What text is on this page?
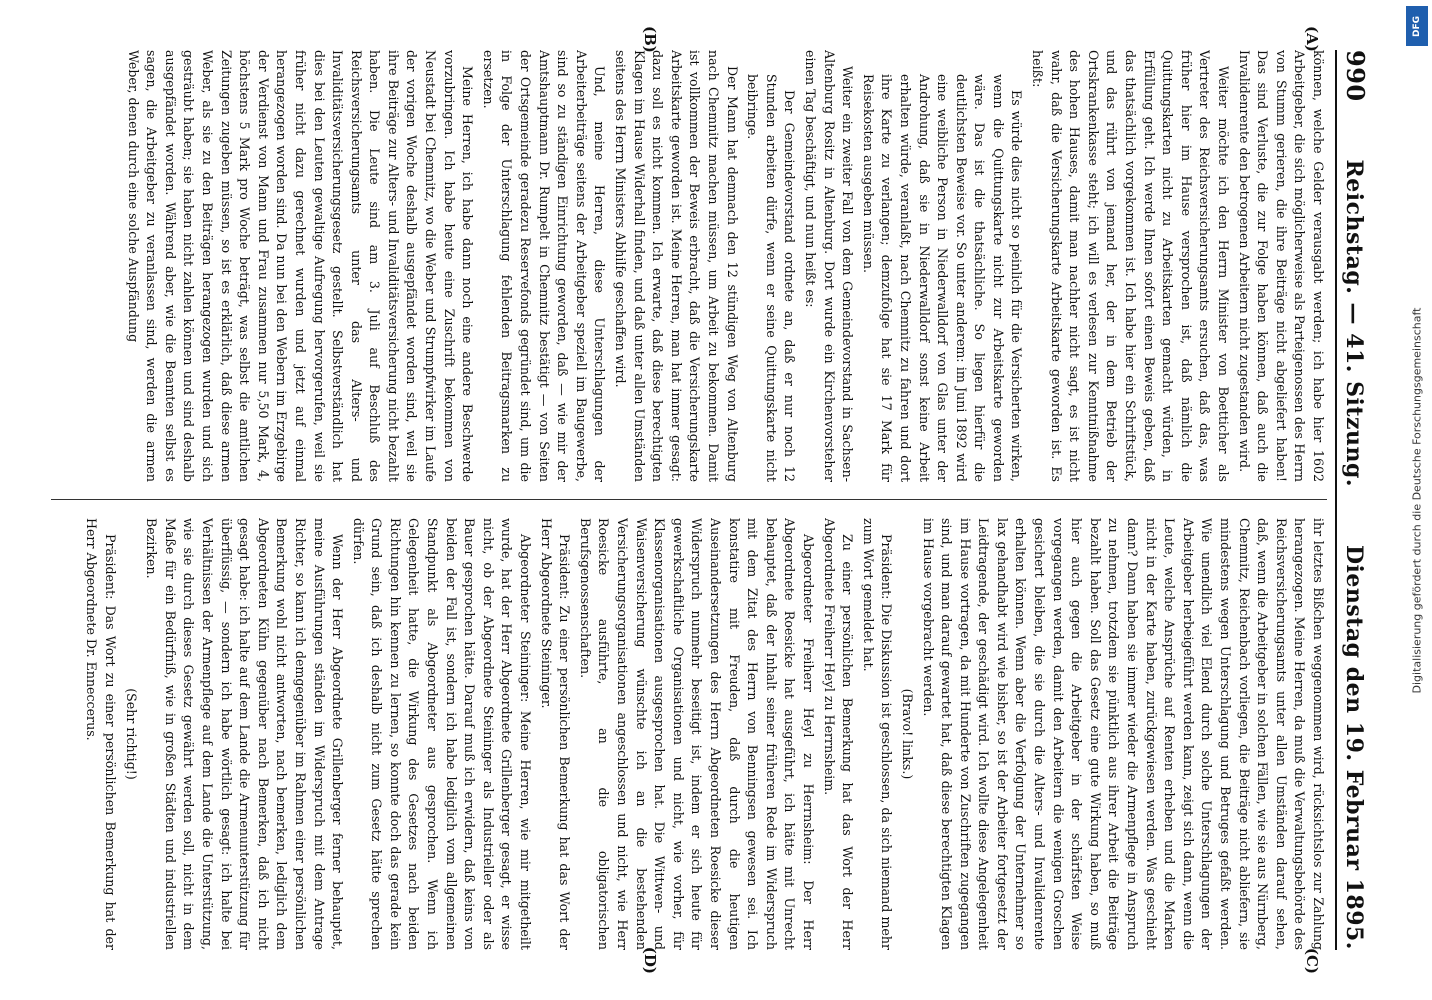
990
Reichstag. — 41. Sitzung.
Dienstag den 19. Februar 1895.
(A)
(B)
(C)
(D)

können, welche Gelder verausgabt werden; ich habe hier 1602 Arbeitgeber, die sich möglicherweise als Parteigenossen des Herrn von Stumm gerieren, die ihre Beiträge nicht abgeliefert haben! Das sind Verluste, die zur Folge haben können, daß auch die Invalidenrente den betrogenen Arbeitern nicht zugestanden wird.

Weiter möchte ich den Herrn Minister von Boetticher als Vertreter des Reichsversicherungsamts ersuchen, daß das, was früher hier im Hause versprochen ist, daß nämlich die Quittungskarten nicht zu Arbeitskarten gemacht würden, in Erfüllung geht. Ich werde Ihnen sofort einen Beweis geben, daß das thatsächlich vorgekommen ist. Ich habe hier ein Schriftstück, und das rührt von jemand her, der in dem Betrieb der Ortskrankenkasse steht; ich will es verlesen zur Kenntnißnahme des hohen Hauses, damit man nachher nicht sagt, es ist nicht wahr, daß die Versicherungskarte Arbeitskarte geworden ist. Es heißt:

Es würde dies nicht so peinlich für die Versicherten wirken, wenn die Quittungskarte nicht zur Arbeitskarte geworden wäre. Das ist die thatsächliche. So liegen hierfür die deutlichsten Beweise vor. So unter anderem: im Juni 1892 wird eine weibliche Person in Niederwalldorf von Glas unter der Androhung, daß sie in Niederwalldorf sonst keine Arbeit erhalten würde, veranlaßt, nach Chemnitz zu fahren und dort ihre Karte zu verlangen; demzufolge hat sie 17 Mark für Reisekosten ausgeben müssen.

Weiter ein zweiter Fall von dem Gemeindevorstand in Sachsen-Altenburg Rositz in Altenburg. Dort wurde ein Kirchenvorsteher einen Tag beschäftigt, und nun heißt es:

Der Gemeindevorstand ordnete an, daß er nur noch 12 Stunden arbeiten dürfe, wenn er seine Quittungskarte nicht beibringe.

Der Mann hat demnach den 12 stündigen Weg von Altenburg nach Chemnitz machen müssen, um Arbeit zu bekommen. Damit ist vollkommen der Beweis erbracht, daß die Versicherungskarte Arbeitskarte geworden ist. Meine Herren, man hat immer gesagt: dazu soll es nicht kommen. Ich erwarte, daß diese berechtigten Klagen im Hause Widerhall finden, und daß unter allen Umständen seitens des Herrn Ministers Abhilfe geschaffen wird.

Und, meine Herren, diese Unterschlagungen der Arbeiterbeiträge seitens der Arbeitgeber speziell im Baugewerbe, sind so zu ständigen Einrichtung geworden, daß — wie mir der Amtshauptmann Dr. Rumpelt in Chemnitz bestätigt — von Seiten der Ortsgemeinde geradezu Reservefonds gegründet sind, um die in Folge der Unterschlagung fehlenden Beitragsmarken zu ersetzen.

Meine Herren, ich habe dann noch eine andere Beschwerde vorzubringen. Ich habe heute eine Zuschrift bekommen von Neustadt bei Chemnitz, wo die Weber und Strumpfwirker im Laufe der vorigen Woche deshalb ausgepfändet worden sind, weil sie ihre Beiträge zur Alters- und Invaliditätsversicherung nicht bezahlt haben. Die Leute sind am 3. Juli auf Beschluß des Reichsversicherungsamts unter das Alters- und Invaliditätsversicherungsgesetz gestellt. Selbstverständlich hat dies bei den Leuten gewaltige Aufregung hervorgerufen, weil sie früher nicht dazu gerechnet wurden und jetzt auf einmal herangezogen worden sind. Da nun bei den Webern im Erzgebirge der Verdienst von Mann und Frau zusammen nur 5,50 Mark, 4, höchstens 5 Mark pro Woche beträgt, was selbst die amtlichen Zeitungen zugeben müssen, so ist es erklärlich, daß diese armen Weber, als sie zu den Beiträgen herangezogen wurden und sich gesträubt haben; sie haben nicht zahlen können und sind deshalb ausgepfändet worden. Während aber, wie die Beamten selbst es sagen, die Arbeitgeber zu veranlassen sind, werden die armen Weber, denen durch eine solche Auspfändung

ihr letztes Bißchen weggenommen wird, rücksichtslos zur Zahlung herangezogen. Meine Herren, da muß die Verwaltungsbehörde des Reichsversicherungsamts unter allen Umständen darauf sehen, daß, wenn die Arbeitgeber in solchen Fällen, wie sie aus Nürnberg, Chemnitz, Reichenbach vorliegen, die Beiträge nicht abliefern, sie mindestens wegen Unterschlagung und Betruges gefaßt werden. Wie unendlich viel Elend durch solche Unterschlagungen der Arbeitgeber herbeigeführt werden kann, zeigt sich dann, wenn die Leute, welche Ansprüche auf Renten erheben und die Marken nicht in der Karte haben, zurückgewiesen werden. Was geschieht dann? Dann haben sie immer wieder die Armenpflege in Anspruch zu nehmen, trotzdem sie pünktlich aus ihrer Arbeit die Beiträge bezahlt haben. Soll das Gesetz eine gute Wirkung haben, so muß hier auch gegen die Arbeitgeber in der schärfsten Weise vorgegangen werden, damit den Arbeitern die wenigen Groschen gesichert bleiben, die sie durch die Alters- und Invalidenrente erhalten können. Wenn aber die Verfolgung der Unternehmer so lax gehandhabt wird wie bisher, so ist der Arbeiter fortgesetzt der Leidtragende, der geschädigt wird. Ich wollte diese Angelegenheit im Hause vortragen, da mit Hunderte von Zuschriften zugegangen sind, und man darauf gewartet hat, daß diese berechtigten Klagen im Hause vorgebracht werden.

(Bravo! links.)

Präsident: Die Diskussion ist geschlossen, da sich niemand mehr zum Wort gemeldet hat.

Zu einer persönlichen Bemerkung hat das Wort der Herr Abgeordnete Freiherr Heyl zu Herrnsheim.

Abgeordneter Freiherr Heyl zu Herrnsheim: Der Herr Abgeordnete Roesicke hat ausgeführt, ich hätte mit Unrecht behauptet, daß der Inhalt seiner früheren Rede im Widerspruch mit dem Zitat des Herrn von Benningsen gewesen sei. Ich konstatire mit Freuden, daß durch die heutigen Auseinandersetzungen des Herrn Abgeordneten Roesicke dieser Widerspruch nunmehr beseitigt ist, indem er sich heute für gewerkschaftliche Organisationen und nicht, wie vorher, für Klassenorganisationen ausgesprochen hat. Die Wittwen- und Waisenversicherung wünschte ich an die bestehenden Versicherungsorganisationen angeschlossen und nicht, wie Herr Roesicke ausführte, an die obligatorischen Berufsgenossenschaften.

Präsident: Zu einer persönlichen Bemerkung hat das Wort der Herr Abgeordnete Steininger.

Abgeordneter Steininger: Meine Herren, wie mir mitgetheilt wurde, hat der Herr Abgeordnete Grillenberger gesagt, er wisse nicht, ob der Abgeordnete Steininger als Industrieller oder als Bauer gesprochen hätte. Darauf muß ich erwidern, daß keins von beiden der Fall ist, sondern ich habe lediglich vom allgemeinen Standpunkt als Abgeordneter aus gesprochen. Wenn ich Gelegenheit hatte, die Wirkung des Gesetzes nach beiden Richtungen hin kennen zu lernen, so konnte doch das gerade kein Grund sein, daß ich deshalb nicht zum Gesetz hätte sprechen dürfen.

Wenn der Herr Abgeordnete Grillenberger ferner behauptet, meine Ausführungen ständen im Widerspruch mit dem Antrage Richter, so kann ich demgegenüber im Rahmen einer persönlichen Bemerkung wohl nicht antworten, nach bemerken, lediglich dem Abgeordneten Kühn gegenüber nach Bemerken, daß ich nicht gesagt habe: ich halte auf dem Lande die Armenunterstützung für überflüssig, — sondern ich habe wörtlich gesagt: ich halte bei Verhältnissen der Armenpflege auf dem Lande die Unterstützung, wie sie durch dieses Gesetz gewährt werden soll, nicht in dem Maße für ein Bedürfniß, wie in großen Städten und industriellen Bezirken.

(Sehr richtig!)

Präsident: Das Wort zu einer persönlichen Bemerkung hat der Herr Abgeordnete Dr. Enneccerus.

DFG
Digitalisierung gefördert durch die Deutsche Forschungsgemeinschaft
